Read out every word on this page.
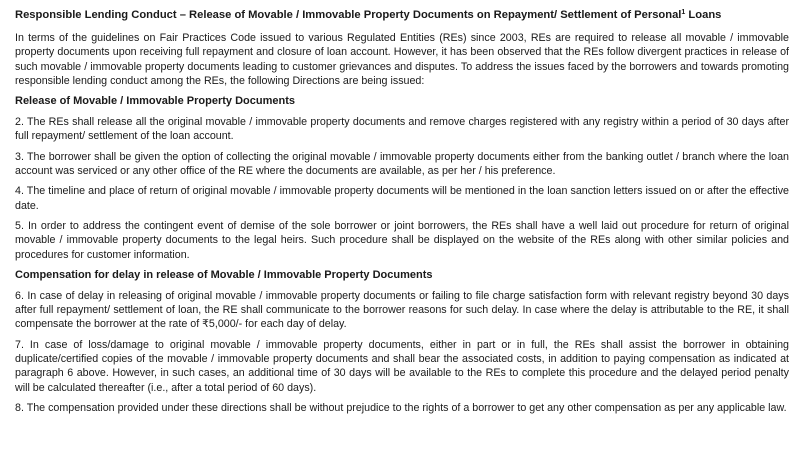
Responsible Lending Conduct – Release of Movable / Immovable Property Documents on Repayment/ Settlement of Personal$^1$ Loans

In terms of the guidelines on Fair Practices Code issued to various Regulated Entities (REs) since 2003, REs are required to release all movable / immovable property documents upon receiving full repayment and closure of loan account. However, it has been observed that the REs follow divergent practices in release of such movable / immovable property documents leading to customer grievances and disputes. To address the issues faced by the borrowers and towards promoting responsible lending conduct among the REs, the following Directions are being issued:

Release of Movable / Immovable Property Documents

2. The REs shall release all the original movable / immovable property documents and remove charges registered with any registry within a period of 30 days after full repayment/ settlement of the loan account.

3. The borrower shall be given the option of collecting the original movable / immovable property documents either from the banking outlet / branch where the loan account was serviced or any other office of the RE where the documents are available, as per her / his preference.

4. The timeline and place of return of original movable / immovable property documents will be mentioned in the loan sanction letters issued on or after the effective date.

5. In order to address the contingent event of demise of the sole borrower or joint borrowers, the REs shall have a well laid out procedure for return of original movable / immovable property documents to the legal heirs. Such procedure shall be displayed on the website of the REs along with other similar policies and procedures for customer information.

Compensation for delay in release of Movable / Immovable Property Documents

6. In case of delay in releasing of original movable / immovable property documents or failing to file charge satisfaction form with relevant registry beyond 30 days after full repayment/ settlement of loan, the RE shall communicate to the borrower reasons for such delay. In case where the delay is attributable to the RE, it shall compensate the borrower at the rate of ₹5,000/- for each day of delay.

7. In case of loss/damage to original movable / immovable property documents, either in part or in full, the REs shall assist the borrower in obtaining duplicate/certified copies of the movable / immovable property documents and shall bear the associated costs, in addition to paying compensation as indicated at paragraph 6 above. However, in such cases, an additional time of 30 days will be available to the REs to complete this procedure and the delayed period penalty will be calculated thereafter (i.e., after a total period of 60 days).

8. The compensation provided under these directions shall be without prejudice to the rights of a borrower to get any other compensation as per any applicable law.
